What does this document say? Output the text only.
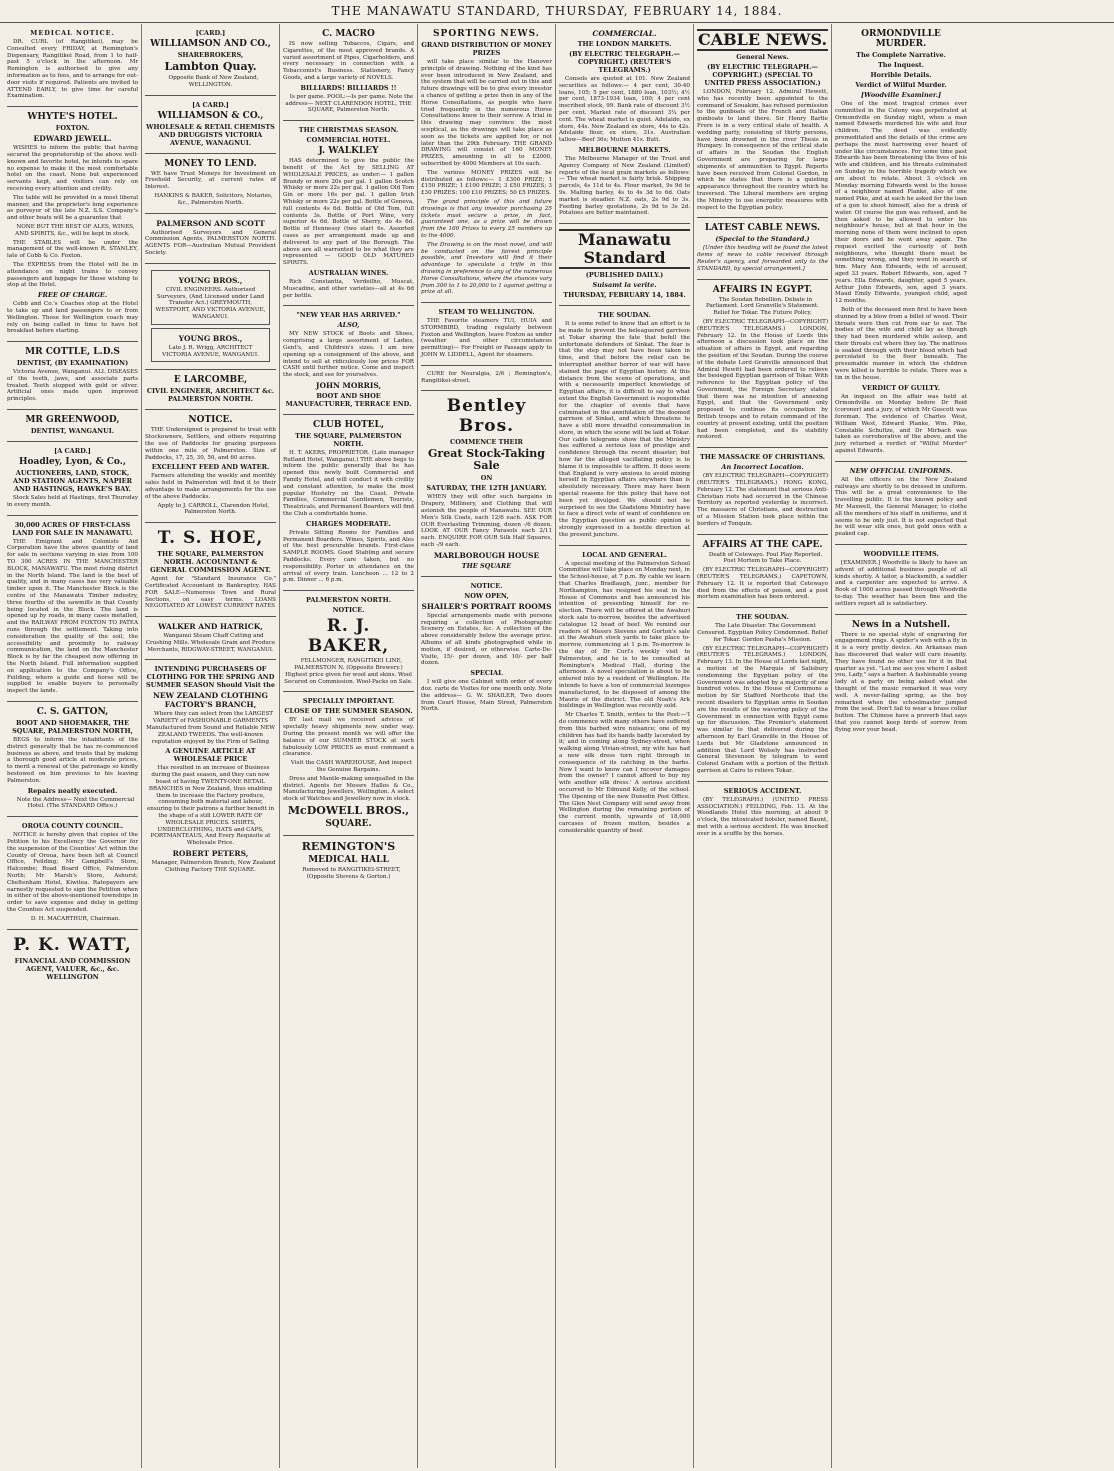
THE MANAWATU STANDARD, THURSDAY, FEBRUARY 14, 1884.
MEDICAL NOTICE.

DR. CURL (of Rangitikei), may be Consulted every FRIDAY, at Remington's Dispensary, Rangitikei Road, from 1 to half-past 5 o'clock in the afternoon. Mr Remington is authorised to give any information as to fees, and to arrange for out-door visits if required. Patients are invited to ATTEND EARLY, to give time for careful Examination.

WHYTE'S HOTEL.
FOXTON.
EDWARD JEWELL.

WISHES to inform the public that having secured the proprietorship of the above well-known and favorite hotel, he intends to spare no expense to make it the most comfortable hotel on the coast. None but experienced servants kept, and visitors can rely on receiving every attention and civility.

The table will be provided in a most liberal manner, and the proprietor's long experience as purveyor of the late N.Z. S.S. Company's and other boats will be a guarantee that

NONE BUT THE BEST OF ALES, WINES, AND SPIRITS, &c., will be kept in stock.

THE STABLES will be under the management of the well-known R. STANLEY, late of Cobb & Co. Foxton.

The EXPRESS from the Hotel will be in attendance on night trains to convey passengers and luggage for those wishing to stop at the Hotel.

FREE OF CHARGE.

Cobb and Co.'s Coaches stop at the Hotel to take up and land passengers to or from Wellington. Those for Wellington coach may rely on being called in time to have hot breakfast before starting.

MR COTTLE, L.D.S
DENTIST, (BY EXAMINATION)

Victoria Avenue, Wanganui. ALL DISEASES of the teeth, jaws, and associate parts treated. Teeth stopped with gold or silver. Artificial ones made upon improved principles.

MR GREENWOOD,
DENTIST, WANGANUI.
[A CARD.]
Hoadley, Lyon, & Co.,
AUCTIONEERS, LAND, STOCK, AND STATION AGENTS, NAPIER AND HASTINGS, HAWKE'S BAY.

Stock Sales held at Hastings, first Thursday in every month.

30,000 ACRES OF FIRST-CLASS LAND FOR SALE IN MANAWATU.

THE Emigrant and Colonists Aid Corporation have the above quantity of land for sale in sections varying in size from 100 TO 300 ACRES IN THE MANCHESTER BLOCK, MANAWATU. The most rising district in the North Island. The land is the best of quality, and in many cases has very valuable timber upon it. The Manchester Block is the centre of the Manawatu Timber industry, three fourths of the sawmills in that County being located in the Block. The land is opened up by roads, in many cases metalled, and the RAILWAY FROM FOXTON TO PATEA runs through the settlement. Taking into consideration the quality of the soil, the accessibility and proximity to railway communication, the land on the Manchester Block is by far the cheapest now offering in the North Island. Full information supplied on application to the Company's Office, Feilding, where a guide and horse will be supplied to enable buyers to personally inspect the lands.

C. S. GATTON,
BOOT AND SHOEMAKER, THE SQUARE, PALMERSTON NORTH,

BEGS to inform the inhabitants of the district generally that he has re-commenced business as above, and trusts that by making a thorough good article at moderate prices, to merit a renewal of the patronage so kindly bestowed on him previous to his leaving Palmerston.

Repairs neatly executed.

Note the Address— Next the Commercial Hotel. (The STANDARD Office.)

OROUA COUNTY COUNCIL.

NOTICE is hereby given that copies of the Petition to his Excellency the Governor for the suspension of the Counties' Act within the County of Oroua, have been left at Council Office, Feilding; Mr Campbell's Store, Halcombe; Road Board Office, Palmerston North; Mr Marsh's Store, Ashurst; Cheltenham Hotel, Kiwitea. Ratepayers are earnestly requested to sign the Petition when in either of the above-mentioned townships in order to save expense and delay in getting the Counties Act suspended.

D. H. MACARTHUR, Chairman.

P. K. WATT,
FINANCIAL AND COMMISSION AGENT, VALUER, &c., &c. WELLINGTON
[CARD.]
WILLIAMSON AND CO.,
SHAREBROKERS,
Lambton Quay.

Opposite Bank of New Zealand, WELLINGTON.

[A CARD.]
WILLIAMSON & CO.,
WHOLESALE & RETAIL CHEMISTS AND DRUGGISTS VICTORIA AVENUE, WANAGNUI.
MONEY TO LEND.

WE have Trust Moneys for Investment on Freehold Security, at current rates of Interest.

HANKINS & BAKER, Solicitors, Notaries, &c., Palmerston North.

PALMERSON AND SCOTT

Authorised Surveyors and General Commission Agents, PALMERSTON NORTH. AGENTS FOR—Australian Mutual Provident Society.

YOUNG BROS.,
CIVIL ENGINEERS. Authorised Surveyors, (And Licensed under Land Transfer Act.) GREYMOUTH, WESTPORT, AND VICTORIA AVENUE, WANGANUI.
YOUNG BROS.,
Late J. R. Wrigg, ARCHITECT VICTORIA AVENUE, WANGANUI.
E LARCOMBE,
CIVIL ENGINEER, ARCHITECT &c. PALMERSTON NORTH.
NOTICE.

THE Undersigned is prepared to treat with Stockowners, Settlers, and others requiring the use of Paddocks for grazing purposes within one mile of Palmerston. Size of Paddocks, 17, 25, 30, 50, and 60 acres.

EXCELLENT FEED AND WATER.

Farmers attending the weekly and monthly sales held in Palmerston will find it to their advantage to make arrangements for the use of the above Paddocks.

Apply to J. CARROLL, Clarendon Hotel, Palmerston North.

T. S. HOE,
THE SQUARE, PALMERSTON NORTH. ACCOUNTANT & GENERAL COMMISSION AGENT.

Agent for "Standard Insurance Co." Certificated Accountant in Bankruptcy. HAS FOR SALE—Numerous Town and Rural Sections, on easy terms. LOANS NEGOTIATED AT LOWEST CURRENT RATES

WALKER AND HATRICK,

Wanganui Steam Chaff Cutting and Crushing Mills. Wholesale Grain and Produce Merchants, RIDGWAY-STREET, WANGANUI.

INTENDING PURCHASERS OF CLOTHING FOR THE SPRING AND SUMMER SEASON Should Visit the
NEW ZEALAND CLOTHING FACTORY'S BRANCH,

Where they can select from the LARGEST VARIETY of FASHIONABLE GARMENTS Manufactured from Sound and Reliable NEW ZEALAND TWEEDS. The well-known reputation enjoyed by the Firm of Selling

A GENUINE ARTICLE AT WHOLESALE PRICE

Has resulted in an increase of Business during the past season, and they can now boast of having TWENTY-ONE RETAIL BRANCHES in New Zealand, thus enabling them to increase the Factory produce, consuming both material and labour, ensuring to their patrons a further benefit in the shape of a still LOWER RATE OF WHOLESALE PRICES. SHIRTS, UNDERCLOTHING, HATS and CAPS, PORTMANTEAUS, And Every Requisite at Wholesale Price.

ROBERT PETERS,

Manager, Palmerston Branch, New Zealand Clothing Factory THE SQUARE.

C. MACRO

IS now selling Tobaccos, Cigars, and Cigarettes, of the most approved brands. A varied assortment of Pipes, Cigarholders, and every necessary in connection with a Tobacconist's Business. Stationery, Fancy Goods, and a large variety of NOVELS.

BILLIARDS! BILLIARDS !!

Is per game. POOL:—Is per game. Note the address— NEXT CLARENDON HOTEL, THE SQUARE, Palmerston North.

THE CHRISTMAS SEASON.
COMMERCIAL HOTEL.
J. WALKLEY

HAS determined to give the public the benefit of the Act by SELLING AT WHOLESALE PRICES, as under:— 1 gallon Brandy or more 20s per gal. 1 gallon Scotch Whisky or more 22s per gal. 1 gallon Old Tom Gin or more 16s per gal. 1 gallon Irish Whisky or more 22s per gal. Bottle of Geneva, full contents 4s 6d. Bottle of Old Tom, full contents 3s. Bottle of Port Wine, very superior 4s 6d. Bottle of Sherry, do 4s 6d. Bottle of Hennessy (two star) 6s. Assorted cases as per arrangement made up and delivered to any part of the Borough. The above are all warranted to be what they are represented — GOOD OLD MATURED SPIRITS.

AUSTRALIAN WINES.

Rich Constantia, Verdeilho, Muscat, Muscadine, and other varieties—all at 4s 6d per bottle.

"NEW YEAR HAS ARRIVED."
ALSO,

MY NEW STOCK of Boots and Shoes, comprising a large assortment of Ladies, Gent's, and Children's sizes. I am now opening up a consignment of the above, and intend to sell at ridiculously low prices FOR CASH until further notice. Come and inspect the stock, and see for yourselves.

JOHN MORRIS,
BOOT AND SHOE MANUFACTURER, TERRACE END.
CLUB HOTEL,
THE SQUARE, PALMERSTON NORTH.

H. T. AKERS, PROPRIETOR. (Late manager Rutland Hotel, Wanganui.) THE above begs to inform the public generally that he has opened this newly built Commercial and Family Hotel, and will conduct it with civility and constant attention, to make the most popular Hostelry on the Coast. Private Families, Commercial Gentlemen, Tourists, Theatricals, and Permanent Boarders will find the Club a comfortable home.

CHARGES MODERATE.

Private Sitting Rooms for Families and Permanent Boarders. Wines, Spirits, and Ales of the best procurable brands. First-class SAMPLE ROOMS. Good Stabling and secure Paddocks. Every care taken, but no responsibility. Porter in attendance on the arrival of every train. Luncheon ... 12 to 2 p.m. Dinner ... 6 p.m.

PALMERSTON NORTH.
NOTICE.
R. J. BAKER,

FELLMONGER, RANGITIKEI LINE, PALMERSTON N. (Opposite Brewery.) Highest price given for wool and skins. Wool Secured on Commission. Wool-Packs on Sale.

SPECIALLY IMPORTANT.
CLOSE OF THE SUMMER SEASON.

BY last mail we received advices of specially heavy shipments now under way. During the present month we will offer the balance of our SUMMER STOCK at such fabulously LOW PRICES as must command a clearance.

Visit the CASH WAREHOUSE, And inspect the Genuine Bargains.

Dress and Mantle-making unequalled in the district. Agents for Messrs Hallos & Co., Manufacturing Jewellers, Wellington. A select stock of Watches and Jewellery now in stock.

McDOWELL BROS.,
SQUARE.
REMINGTON'S
MEDICAL HALL

Removed to RANGITIKEI-STREET, (Opposite Stevens & Gorton.)

SPORTING NEWS.
GRAND DISTRIBUTION OF MONEY PRIZES

will take place similar to the Hanover principle of drawing. Nothing of the kind has ever been introduced in New Zealand, and the system that will be carried out in this and future drawings will be to give every investor a chance of getting a prize then in any of the Horse Consultations, as people who have tried frequently in the numerous Horse Consultations know to their sorrow. A trial in this drawing may convince the most sceptical, as the drawings will take place as soon as the tickets are applied for, or not later than the 29th February. THE GRAND DRAWING will consist of 160 MONEY PRIZES, amounting in all to £2000, subscribed by 4000 Members at 10s each.

The various MONEY PRIZES will be distributed as follows:— 1 £300 PRIZE; 1 £150 PRIZE; 1 £100 PRIZE; 3 £50 PRIZES; 3 £30 PRIZES; 100 £10 PRIZES; 50 £5 PRIZES.

The grand principle of this and future drawings is that any investor purchasing 25 tickets must secure a prize, in fact, guaranteed one, as a prize will be drawn from the 160 Prizes to every 25 numbers up to the 4000.

The Drawing is on the most novel, and will be conducted on the fairest principle possible, and Investors will find it their advantage to speculate a trifle in this drawing in preference to any of the numerous Horse Consultations, where the chances vary from 300 to 1 to 20,000 to 1 against getting a prize at all.

STEAM TO WELLINGTON.

THE Favorite steamers TUI, HUIA and STORMBIRD, trading regularly between Foxton and Wellington, leave Foxton as under (weather and other circumstances permitting)— For Freight or Passage apply to JOHN W. LIDDELL, Agent for steamers.

CURE for Neuralgia, 2/6 ; Remington's, Rangitikei-street.

Bentley Bros.
COMMENCE THEIR
Great Stock-Taking Sale
ON
SATURDAY, THE 12TH JANUARY.

WHEN they will offer such bargains in Drapery, Millinery, and Clothing that will astonish the people of Manawatu. SEE OUR Men's Silk Coats, each 12/6 each. ASK FOR OUR Everlasting Trimming, dozen -/6 dozen. LOOK AT OUR Fancy Parasols each 2/11 each. ENQUIRE FOR OUR Silk Half Squares, each -/9 each.

MARLBOROUGH HOUSE
THE SQUARE
NOTICE.
NOW OPEN,
SHAILER'S PORTRAIT ROOMS

Special arrangements made with persons requiring a collection of Photographic Scenery on Estates, &c. A collection of the above considerably below the average price. Albums of all kinds photographed while in motion, if desired, or otherwise. Carte-De-Visite, 15/- per dozen, and 10/- per half dozen.

SPECIAL

I will give one Cabinet with order of every doz. carte de Visites for one month only. Note the address— G. W. SHAILER, Two doors from Court House, Main Street, Palmerston North.

COMMERCIAL.
THE LONDON MARKETS.
(BY ELECTRIC TELEGRAPH.—COPYRIGHT.) (REUTER'S TELEGRAMS.)

Consols are quoted at 101. New Zealand securities as follows:— 4 per cent, 30-40 loans, 105; 5 per cent, 1880 loan, 103½; 4½ per cent, 1873-1934 loan, 100; 4 per cent inscribed stock, 99. Bank rate of discount 3½ per cent. Market rate of discount 3¼ per cent. The wheat market is quiet. Adelaide, ex store, 44s. New Zealand ex store, 44s to 42s. Adelaide flour, ex store, 31s. Australian tallow—Beef 36s; Mutton 41s. Butt.

MELBOURNE MARKETS.

The Melbourne Manager of the Trust and Agency Company of New Zealand (Limited) reports of the local grain markets as follows:— The wheat market is fairly brisk. Shipping parcels, 4s 11d to 4s. Flour market, 9s 9d to 9s. Malting barley, 4s to 4s 3d to 6d. Oats market is steadier. N.Z. oats, 2s 9d to 3s. Feeding barley quotations, 2s 9d to 3s 2d. Potatoes are better maintained.

Manawatu Standard
(PUBLISHED DAILY.)
Suisamt la verite.
THURSDAY, FEBRUARY 14, 1884.
THE SOUDAN.

It is some relief to know that an effort is to be made to prevent the beleaguered garrison at Tokar sharing the fate that befell the unfortunate defenders of Sinkat. The fear is that the step may not have been taken in time, and that before the relief can be interrupted another horror of war will have stained the page of Egyptian history. At this distance from the scene of operations, and with a necessarily imperfect knowledge of Egyptian affairs, it is difficult to say to what extent the English Government is responsible for the chapter of events that have culminated in the annihilation of the doomed garrison of Sinkat, and which threatens to have a still more dreadful consummation in store, in which the scene will be laid at Tokar. Our cable telegrams show that the Ministry has suffered a serious loss of prestige and confidence through the recent disaster; but how far the alleged vacillating policy is to blame it is impossible to affirm. It does seem that England is very anxious to avoid mixing herself in Egyptian affairs anywhere than is absolutely necessary. There may have been special reasons for this policy that have not been yet divulged. We should not be surprised to see the Gladstone Ministry have to face a direct vote of want of confidence on the Egyptian question as public opinion is strongly expressed in a hostile direction at the present juncture.

LOCAL AND GENERAL.

A special meeting of the Palmerston School Committee will take place on Monday next, in the School-house, at 7 p.m. By cable we learn that Charles Bradlaugh, junr., member for Northampton, has resigned his seat in the House of Commons and has announced his intention of presenting himself for re-election. There will be offered at the Awahuri stock sale to-morrow, besides the advertised catalogue 12 head of beef. We remind our readers of Messrs Stevens and Gorton's sale at the Awahuri stock yards to take place to-morrow, commencing at 1 p.m. To-morrow is the day of Dr Curl's weekly visit to Palmerston, and he is to be consulted at Remington's Medical Hall, during the afternoon. A novel speculation is about to be entered into by a resident of Wellington. He intends to have a ton of commercial lozenges manufactured, to be disposed of among the Maoris of the district. The old Noah's Ark buildings in Wellington was recently sold.

Mr Charles T. Smith, writes to the Post:—'I do commence with many others have suffered from this barbed wire nuisance; one of my children has had its hands badly lacerated by it; and in coming along Sydney-street, when walking along Vivian-street, my wife has had a new silk dress torn right through in consequence of its catching in the barbs. Now I want to know can I recover damages from the owner? I cannot afford to buy my wife another silk dress.' A serious accident occurred to Mr Edmund Kelly, of the school. The Opening of the new Dunedin Post Office. The Glen Nest Company will send away from Wellington during the remaining portion of the current month, upwards of 18,000 carcases of frozen mutton, besides a considerable quantity of beef.

CABLE NEWS.
General News.
(BY ELECTRIC TELEGRAPH.—COPYRIGHT.) (SPECIAL TO UNITED PRESS ASSOCIATION.)

LONDON, February 12. Admiral Hewett, who has recently been appointed to the command of Souakim, has refused permission to the gunboats of the French and Italian gunboats to land there. Sir Henry Bartle Frere is in a very critical state of health. A wedding party, consisting of thirty persons, have been drowned in the river Thesis in Hungary. In consequence of the critical state of affairs in the Soudan the English Government are preparing for large shipments of ammunition to Egypt. Reports have been received from Colonel Gordon, in which he states that there is a quieting appearance throughout the country which he traversed. The Liberal members are urging the Ministry to use energetic measures with respect to the Egyptian policy.

LATEST CABLE NEWS.
(Special to the Standard.)

[Under this heading will be found the latest items of news to cable received through Reuter's agency, and forwarded only to the STANDARD, by special arrangement.]

AFFAIRS IN EGYPT.

The Soudan Rebellion. Debate in Parliament. Lord Granville's Statement. Relief for Tokar. The Future Policy.

(BY ELECTRIC TELEGRAPH—COPYRIGHT) (REUTER'S TELEGRAMS.) LONDON, February 12. In the House of Lords this afternoon a discussion took place on the situation of affairs in Egypt, and regarding the position of the Soudan. During the course of the debate Lord Granville announced that Admiral Hewitt had been ordered to relieve the besieged Egyptian garrison of Tokar. With reference to the Egyptian policy of the Government, the Foreign Secretary stated that there was no intention of annexing Egypt, and that the Government only proposed to continue its occupation by British troops and to retain command of the country at present existing, until the position had been completed, and its stability restored.

THE MASSACRE OF CHRISTIANS.
An Incorrect Location.

(BY ELECTRIC TELEGRAPH—COPYRIGHT) (REUTER'S TELEGRAMS.) HONG KONG, February 12. The statement that serious Anti-Christian riots had occurred in the Chinese Territory as reported yesterday is incorrect. The massacre of Christians, and destruction of a Mission Station took place within the borders of Tonquin.

AFFAIRS AT THE CAPE.

Death of Cetewayo. Foul Play Reported. Post Mortem to Take Place.

(BY ELECTRIC TELEGRAPH—COPYRIGHT) (REUTER'S TELEGRAMS.) CAPETOWN, February 12. It is reported that Cetewayo died from the effects of poison, and a post mortem examination has been ordered.

THE SOUDAN.

The Late Disaster. The Government Censured. Egyptian Policy Condemned. Relief for Tokar. Gordon Pasha's Mission.

(BY ELECTRIC TELEGRAPH—COPYRIGHT) (REUTER'S TELEGRAMS.) LONDON, February 13. In the House of Lords last night, a motion of the Marquis of Salisbury condemning the Egyptian policy of the Government was adopted by a majority of one hundred votes. In the House of Commons a motion by Sir Stafford Northcote that the recent disasters to Egyptian arms in Soudan are the results of the wavering policy of the Government in connection with Egypt came up for discussion. The Premier's statement was similar to that delivered during the afternoon by Earl Granville in the House of Lords but Mr Gladstone announced in addition that Lord Wolsely has instructed General Stevenson by telegram to send Colonel Graham with a portion of the British garrison at Cairo to relieve Tokar.

SERIOUS ACCIDENT.

(BY TELEGRAPH.) (UNITED PRESS ASSOCIATION.) FEILDING, Feb. 13. At the Woodlands Hotel this morning, at about 9 o'clock, the intoxicated hoteler, named Baunt, met with a serious accident. He was knocked over in a scuffle by the horses.

ORMONDVILLE MURDER.
The Complete Narrative.
The Inquest.
Horrible Details.
Verdict of Wilful Murder.
[Woodville Examiner.]

One of the most tragical crimes ever committed in the Colony was perpetrated at Ormondville on Sunday night, when a man named Edwards murdered his wife and four children. The deed was evidently premeditated and the details of the crime are perhaps the most harrowing ever heard of under like circumstances. For some time past Edwards has been threatening the lives of his wife and children, and his threats culminated on Sunday in the horrible tragedy which we are about to relate. About 3 o'clock on Monday morning Edwards went to the house of a neighbour named Planke, also of one named Pike, and at each he asked for the loan of a gun to shoot himself, also for a drink of water. Of course the gun was refused, and he then asked to be allowed to enter his neighbour's house, but at that hour in the morning none of them were inclined to open their doors and he went away again. The request excited the curiosity of both neighbours, who thought there must be something wrong, and they went in search of him. Mary Ann Edwards, wife of accused, aged 33 years. Robert Edwards, son, aged 7 years. Ella Edwards, daughter, aged 5 years. Arthur John Edwards, son, aged 3 years. Maud Emily Edwards, youngest child, aged 12 months.

Both of the deceased men first to have been stunned by a blow from a billet of wood. Their throats were then cut from ear to ear. The bodies of the wife and child lay as though they had been murdered while asleep, and their throats cut where they lay. The mattress is soaked through with their blood which had percolated to the floor beneath. The presumable manner in which the children were killed is horrible to relate. There was a tin in the house.

VERDICT OF GUILTY.

An inquest on the affair was held at Ormondville on Monday before Dr Reid (coroner) and a jury, of which Mr Guscott was foreman. The evidence of Charles West, William West, Edward Planke, Wm. Pike, Constable Schultze, and Dr Mirbach was taken as corroborative of the above, and the jury returned a verdict of "Wilful Murder" against Edwards.

NEW OFFICIAL UNIFORMS.

All the officers on the New Zealand railways are shortly to be dressed in uniform. This will be a great convenience to the travelling public. It is the known policy and Mr Maxwell, the General Manager, to clothe all the members of his staff in uniforms, and it seems to be only just. It is not expected that he will wear silk ones, but gold ones with a peaked cap.

WOODVILLE ITEMS.

[EXAMINER.] Woodville is likely to have an advent of additional business people of all kinds shortly. A tailor, a blacksmith, a saddler and a carpenter are expected to arrive. A Book of 1000 acres passed through Woodville to-day. The weather has been fine and the settlers report all is satisfactory.

News in a Nutshell.

There is no special style of engraving for engagement rings. A spider's web with a fly in it is a very pretty device. An Arkansas man has discovered that water will cure insanity. They have found no other use for it in that quarter as yet. "Let me see you where I asked you, Lady," says a barber. A fashionable young lady at a party on being asked what she thought of the music remarked it was very well. A never-failing spring, as the boy remarked when the schoolmaster jumped from the seat. Don't fail to wear a brass collar button. The Chinese have a proverb that says that you cannot keep birds of sorrow from flying over your head.
